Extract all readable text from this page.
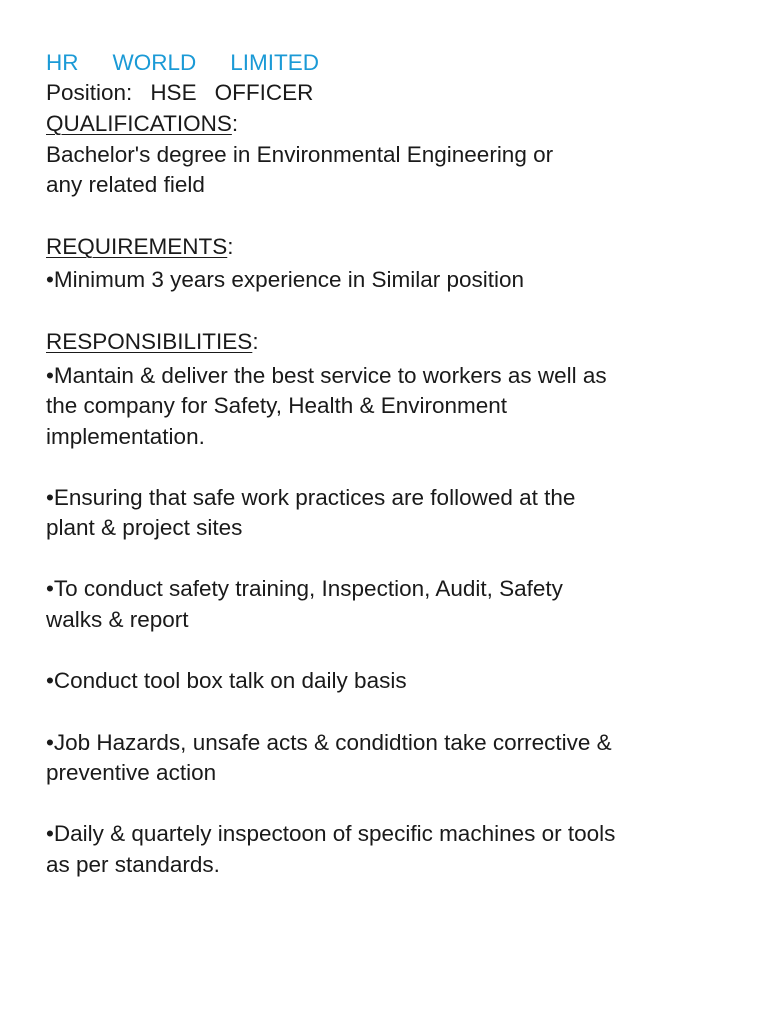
HR WORLD LIMITED

Position: HSE OFFICER

QUALIFICATIONS:

Bachelor's degree in Environmental Engineering or

any related field

REQUIREMENTS:

•Minimum 3 years experience in Similar position

RESPONSIBILITIES:

•Mantain & deliver the best service to workers as well as

the company for Safety, Health & Environment

implementation.

•Ensuring that safe work practices are followed at the

plant & project sites

•To conduct safety training, Inspection, Audit, Safety

walks & report

•Conduct tool box talk on daily basis

•Job Hazards, unsafe acts & condidtion take corrective &

preventive action

•Daily & quartely inspectoon of specific machines or tools

as per standards.
